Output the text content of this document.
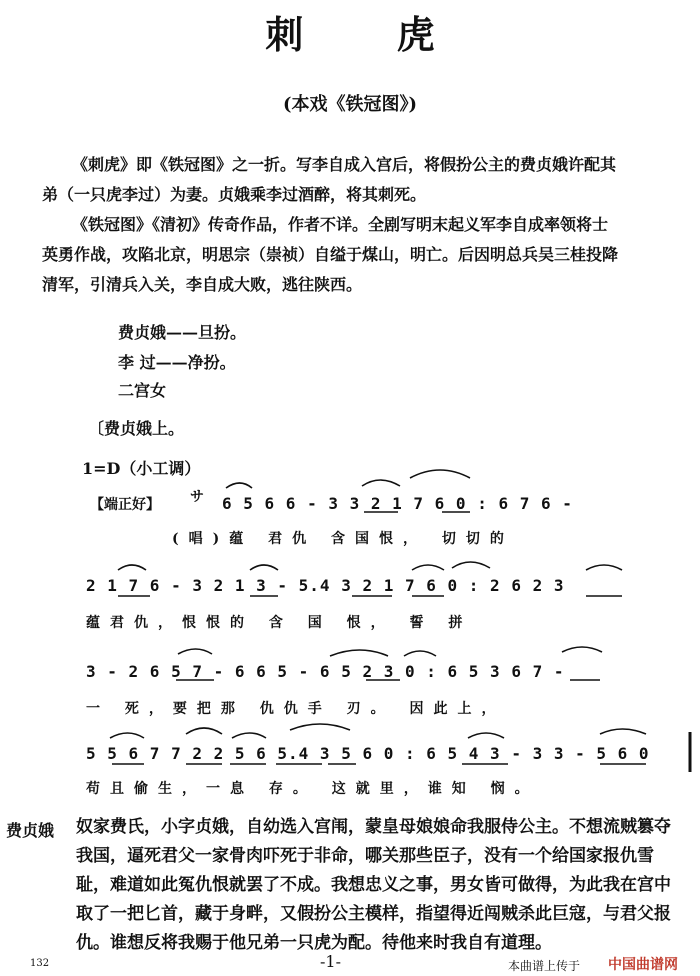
刺 虎
(本戏《铁冠图》)
《刺虎》即《铁冠图》之一折。写李自成入宫后，将假扮公主的费贞娥许配其
弟（一只虎李过）为妻。贞娥乘李过酒醉，将其刺死。
《铁冠图》《清初》传奇作品，作者不详。全剧写明末起义军李自成率领将士
英勇作战，攻陷北京，明思宗（崇祯）自缢于煤山，明亡。后因明总兵吴三桂投降
清军，引清兵入关，李自成大败，逃往陕西。
费贞娥——旦扮。
李 过——净扮。
二宫女
〔费贞娥上。
1=D（小工调）
【端正好】 サ 6 5 6 6 - 3 3 2 1 7 6 0 : 6 7 6 -
(唱)蕴 君仇 含国恨， 切切的
2 1 7 6 - 3 2 1 3 - 5.4 3 2 1 7 6 0 : 2 6 2 3
蕴君仇，恨恨的 含 国 恨， 誓 拼
3 - 2 6 5 7 - 6 6 5 - 6 5 2 3 0 : 6 5 3 6 7 -
一 死，要把那 仇仇手 刃。 因此上，
5 5 6 7 7 2 2 5 6 5.4 3 5 6 0 : 6 5 4 3 - 3 3 - 5 6 0
苟且偷生，一息 存。 这就里，谁知 悯。
费贞娥 奴家费氏，小字贞娥，自幼选入宫闱，蒙皇母娘娘命我服侍公主。不想流贼篡夺我国，逼死君父一家骨肉吓死于非命，哪关那些臣子，没有一个给国家报仇雪耻，难道如此冤仇恨就罢了不成。我想忠义之事，男女皆可做得，为此我在宫中取了一把匕首，藏于身畔，又假扮公主模样，指望得近闯贼杀此巨寇，与君父报仇。谁想反将我赐于他兄弟一只虎为配。待他来时我自有道理。
132	-1-	本曲谱上传于 中国曲谱网
